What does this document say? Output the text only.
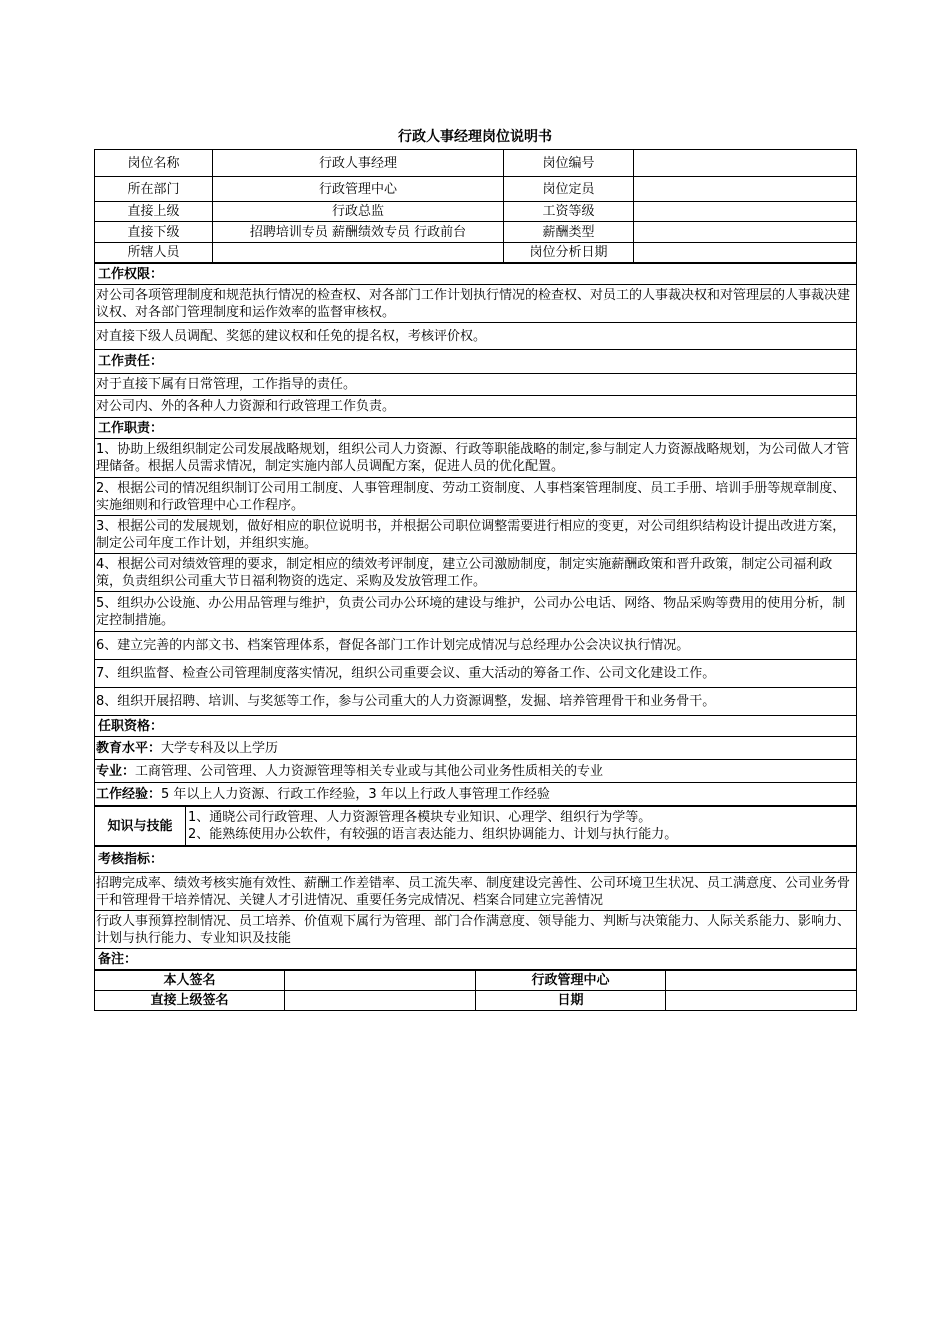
行政人事经理岗位说明书
岗位名称	行政人事经理	岗位编号	
所在部门	行政管理中心	岗位定员	
直接上级	行政总监	工资等级	
直接下级	招聘培训专员 薪酬绩效专员 行政前台	薪酬类型	
所辖人员		岗位分析日期	
工作权限：
对公司各项管理制度和规范执行情况的检查权、对各部门工作计划执行情况的检查权、对员工的人事裁决权和对管理层的人事裁决建议权、对各部门管理制度和运作效率的监督审核权。
对直接下级人员调配、奖惩的建议权和任免的提名权，考核评价权。
工作责任：
对于直接下属有日常管理，工作指导的责任。
对公司内、外的各种人力资源和行政管理工作负责。
工作职责：
1、协助上级组织制定公司发展战略规划，组织公司人力资源、行政等职能战略的制定,参与制定人力资源战略规划，为公司做人才管理储备。根据人员需求情况，制定实施内部人员调配方案，促进人员的优化配置。
2、根据公司的情况组织制订公司用工制度、人事管理制度、劳动工资制度、人事档案管理制度、员工手册、培训手册等规章制度、实施细则和行政管理中心工作程序。
3、根据公司的发展规划，做好相应的职位说明书，并根据公司职位调整需要进行相应的变更，对公司组织结构设计提出改进方案，制定公司年度工作计划，并组织实施。
4、根据公司对绩效管理的要求，制定相应的绩效考评制度，建立公司激励制度，制定实施薪酬政策和晋升政策，制定公司福利政策，负责组织公司重大节日福利物资的选定、采购及发放管理工作。
5、组织办公设施、办公用品管理与维护，负责公司办公环境的建设与维护，公司办公电话、网络、物品采购等费用的使用分析，制定控制措施。
6、建立完善的内部文书、档案管理体系，督促各部门工作计划完成情况与总经理办公会决议执行情况。
7、组织监督、检查公司管理制度落实情况，组织公司重要会议、重大活动的筹备工作、公司文化建设工作。
8、组织开展招聘、培训、与奖惩等工作，参与公司重大的人力资源调整，发掘、培养管理骨干和业务骨干。
任职资格：
教育水平：大学专科及以上学历
专业：工商管理、公司管理、人力资源管理等相关专业或与其他公司业务性质相关的专业
工作经验：5 年以上人力资源、行政工作经验，3 年以上行政人事管理工作经验
知识与技能	
1、通晓公司行政管理、人力资源管理各模块专业知识、心理学、组织行为学等。
2、能熟练使用办公软件，有较强的语言表达能力、组织协调能力、计划与执行能力。
考核指标：
招聘完成率、绩效考核实施有效性、薪酬工作差错率、员工流失率、制度建设完善性、公司环境卫生状况、员工满意度、公司业务骨干和管理骨干培养情况、关键人才引进情况、重要任务完成情况、档案合同建立完善情况
行政人事预算控制情况、员工培养、价值观下属行为管理、部门合作满意度、领导能力、判断与决策能力、人际关系能力、影响力、计划与执行能力、专业知识及技能
备注：
本人签名		行政管理中心	
直接上级签名		日期	
